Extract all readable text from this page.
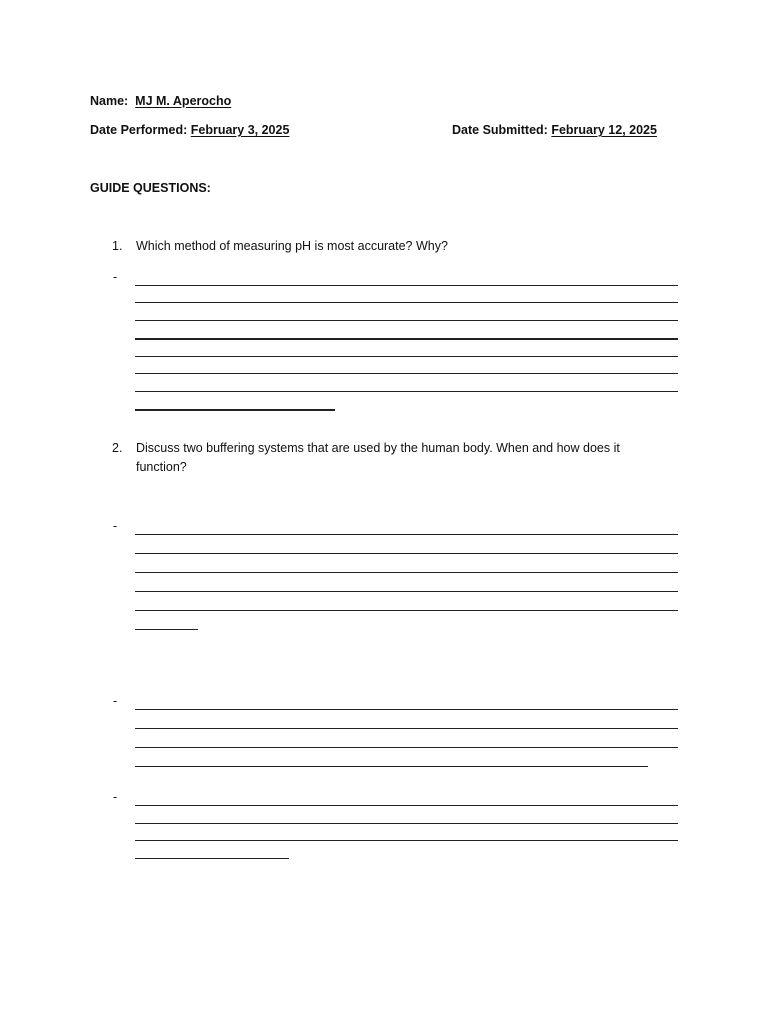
Name: MJ M. Aperocho
Date Performed: February 3, 2025	Date Submitted: February 12, 2025
GUIDE QUESTIONS:
1. Which method of measuring pH is most accurate? Why?
-
2. Discuss two buffering systems that are used by the human body. When and how does it function?
-
-
-
